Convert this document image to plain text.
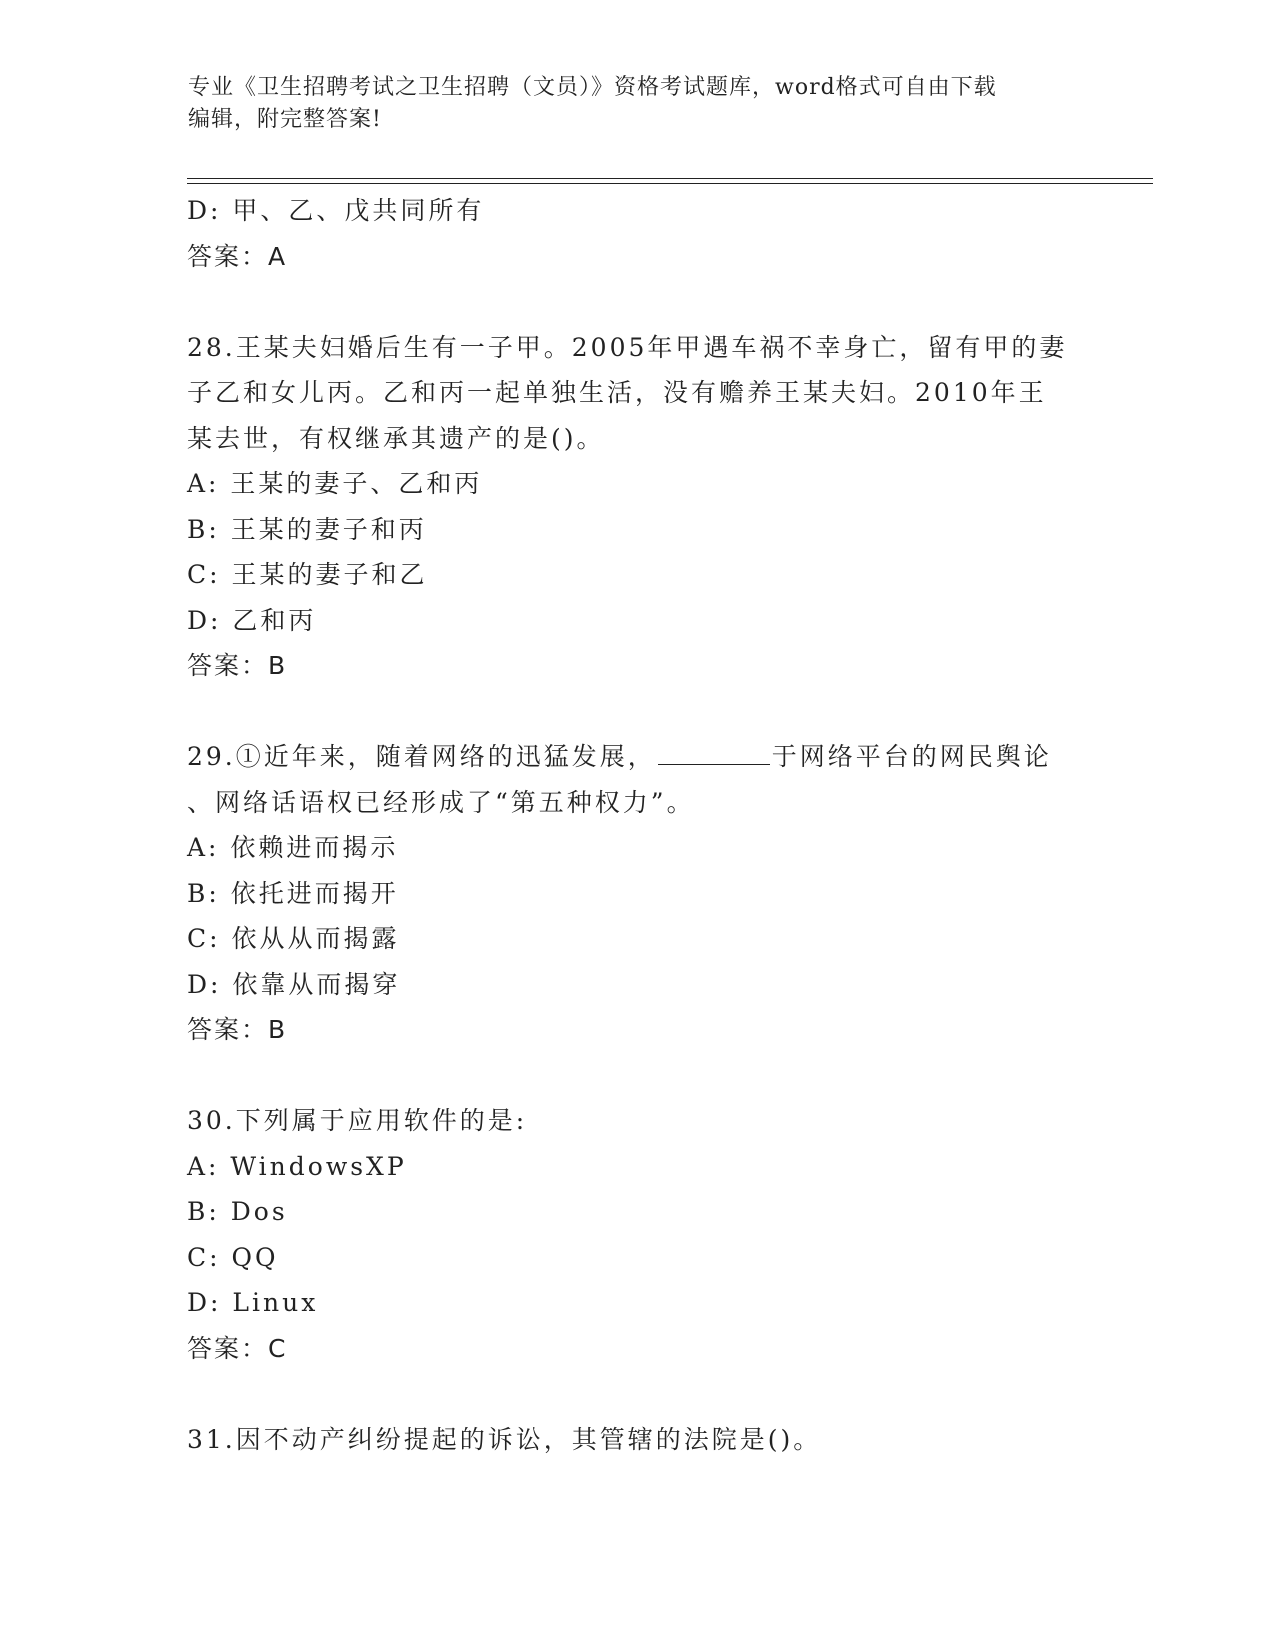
专业《卫生招聘考试之卫生招聘（文员）》资格考试题库，word格式可自由下载
编辑，附完整答案!
D: 甲、乙、戊共同所有
答案：A
28.王某夫妇婚后生有一子甲。2005年甲遇车祸不幸身亡，留有甲的妻
子乙和女儿丙。乙和丙一起单独生活，没有赡养王某夫妇。2010年王
某去世，有权继承其遗产的是()。
A: 王某的妻子、乙和丙
B: 王某的妻子和丙
C: 王某的妻子和乙
D: 乙和丙
答案：B
29.①近年来，随着网络的迅猛发展，	于网络平台的网民舆论
、网络话语权已经形成了“第五种权力”。
A: 依赖进而揭示
B: 依托进而揭开
C: 依从从而揭露
D: 依靠从而揭穿
答案：B
30.下列属于应用软件的是:
A: WindowsXP
B: Dos
C: QQ
D: Linux
答案：C
31.因不动产纠纷提起的诉讼，其管辖的法院是()。
